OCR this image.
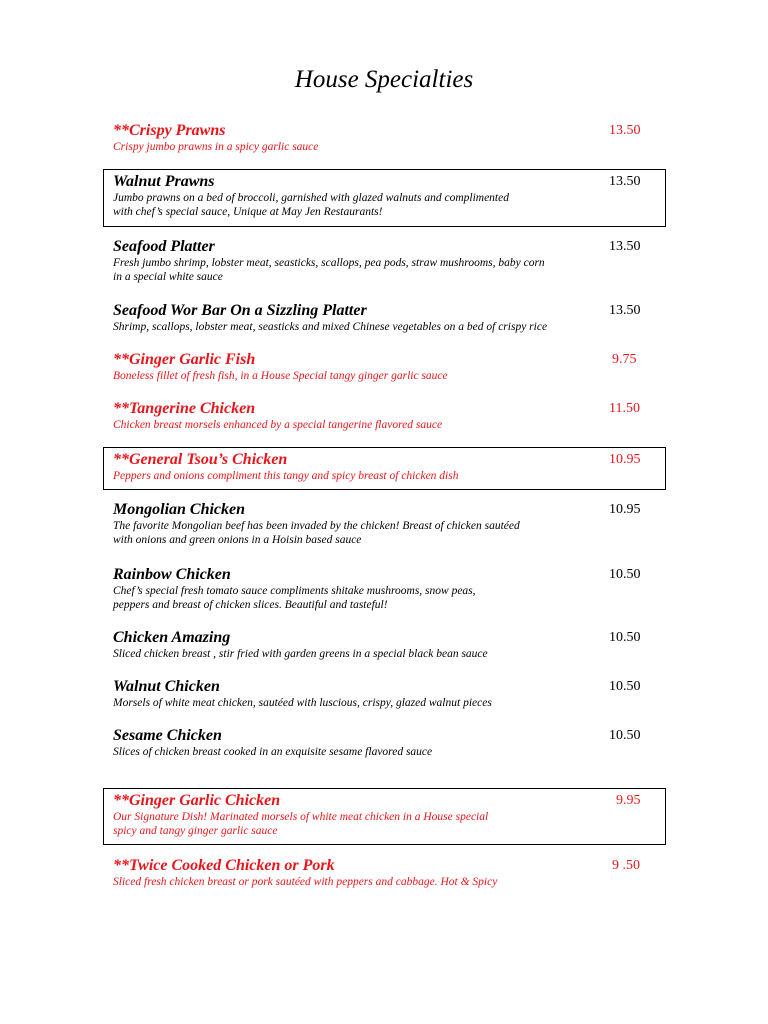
House Specialties
**Crispy Prawns	13.50
Crispy jumbo prawns in a spicy garlic sauce
Walnut Prawns	13.50
Jumbo prawns on a bed of broccoli, garnished with glazed walnuts and complimented
with chef’s special sauce, Unique at May Jen Restaurants!
Seafood Platter	13.50
Fresh jumbo shrimp, lobster meat, seasticks, scallops, pea pods, straw mushrooms, baby corn
in a special white sauce
Seafood Wor Bar On a Sizzling Platter	13.50
Shrimp, scallops, lobster meat, seasticks and mixed Chinese vegetables on a bed of crispy rice
**Ginger Garlic Fish	9.75
Boneless fillet of fresh fish, in a House Special tangy ginger garlic sauce
**Tangerine Chicken	11.50
Chicken breast morsels enhanced by a special tangerine flavored sauce
**General Tsou’s Chicken	10.95
Peppers and onions compliment this tangy and spicy breast of chicken dish
Mongolian Chicken	10.95
The favorite Mongolian beef has been invaded by the chicken! Breast of chicken sautéed
with onions and green onions in a Hoisin based sauce
Rainbow Chicken	10.50
Chef’s special fresh tomato sauce compliments shitake mushrooms, snow peas,
peppers and breast of chicken slices. Beautiful and tasteful!
Chicken Amazing	10.50
Sliced chicken breast , stir fried with garden greens in a special black bean sauce
Walnut Chicken	10.50
Morsels of white meat chicken, sautéed with luscious, crispy, glazed walnut pieces
Sesame Chicken	10.50
Slices of chicken breast cooked in an exquisite sesame flavored sauce
**Ginger Garlic Chicken	9.95
Our Signature Dish! Marinated morsels of white meat chicken in a House special
spicy and tangy ginger garlic sauce
**Twice Cooked Chicken or Pork	9 .50
Sliced fresh chicken breast or pork sautéed with peppers and cabbage. Hot & Spicy
